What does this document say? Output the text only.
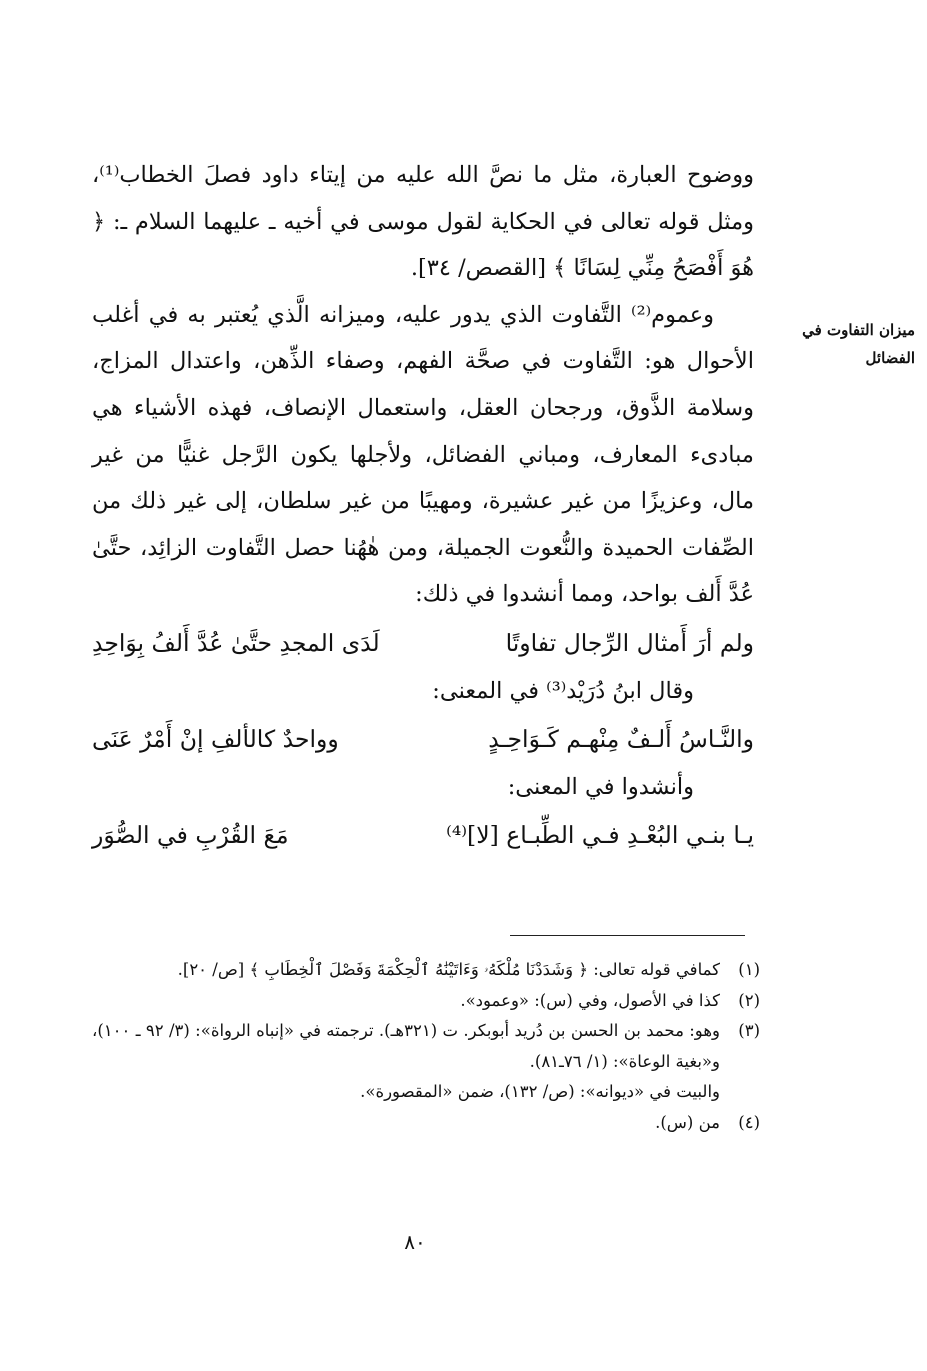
ميزان التفاوت في
الفضائل

ووضوح العبارة، مثل ما نصَّ الله عليه من إيتاء داود فصلَ الخطاب⁽¹⁾، ومثل قوله تعالى في الحكاية لقول موسى في أخيه ـ عليهما السلام ـ: ﴿ هُوَ أَفْصَحُ مِنِّي لِسَانًا ﴾ [القصص/ ٣٤].

وعموم⁽²⁾ التَّفاوت الذي يدور عليه، وميزانه الَّذي يُعتبر به في أغلب الأحوال هو: التَّفاوت في صحَّة الفهم، وصفاء الذِّهن، واعتدال المزاج، وسلامة الذَّوق، ورجحان العقل، واستعمال الإنصاف، فهذه الأشياء هي مبادىء المعارف، ومباني الفضائل، ولأجلها يكون الرَّجل غنيًّا من غير مال، وعزيزًا من غير عشيرة، ومهيبًا من غير سلطان، إلى غير ذلك من الصِّفات الحميدة والنُّعوت الجميلة، ومن هٰهُنا حصل التَّفاوت الزائِد، حتَّىٰ عُدَّ أَلف بواحد، ومما أنشدوا في ذلك:

ولم أرَ أَمثال الرِّجال تفاوتًا
لَدَى المجدِ حتَّىٰ عُدَّ أَلفُ بِوَاحِدِ

وقال ابنُ دُرَيْد⁽³⁾ في المعنى:

والنَّـاسُ أَلـفٌ مِنْهـم كَـوَاحِـدٍ
وواحدٌ كالألفِ إنْ أَمْرٌ عَنَى

وأنشدوا في المعنى:

يـا بنـي البُعْـدِ فـي الطِّبـاع [لا]⁽⁴⁾
مَعَ القُرْبِ في الصُّوَر
(١)
كمافي قوله تعالى: ﴿ وَشَدَدْنَا مُلْكَهُۥ وَءَاتَيْنَٰهُ ٱلْحِكْمَةَ وَفَصْلَ ٱلْخِطَابِ ﴾ [ص/ ٢٠].
(٢)
كذا في الأصول، وفي (س): «وعمود».
(٣)
وهو: محمد بن الحسن بن دُريد أبوبكر. ت (٣٢١هـ). ترجمته في «إنباه الرواة»: (٣/ ٩٢ ـ ١٠٠)، و«بغية الوعاة»: (١/ ٧٦ـ٨١).
والبيت في «ديوانه»: (ص/ ١٣٢)، ضمن «المقصورة».
(٤)
من (س).
٨٠
